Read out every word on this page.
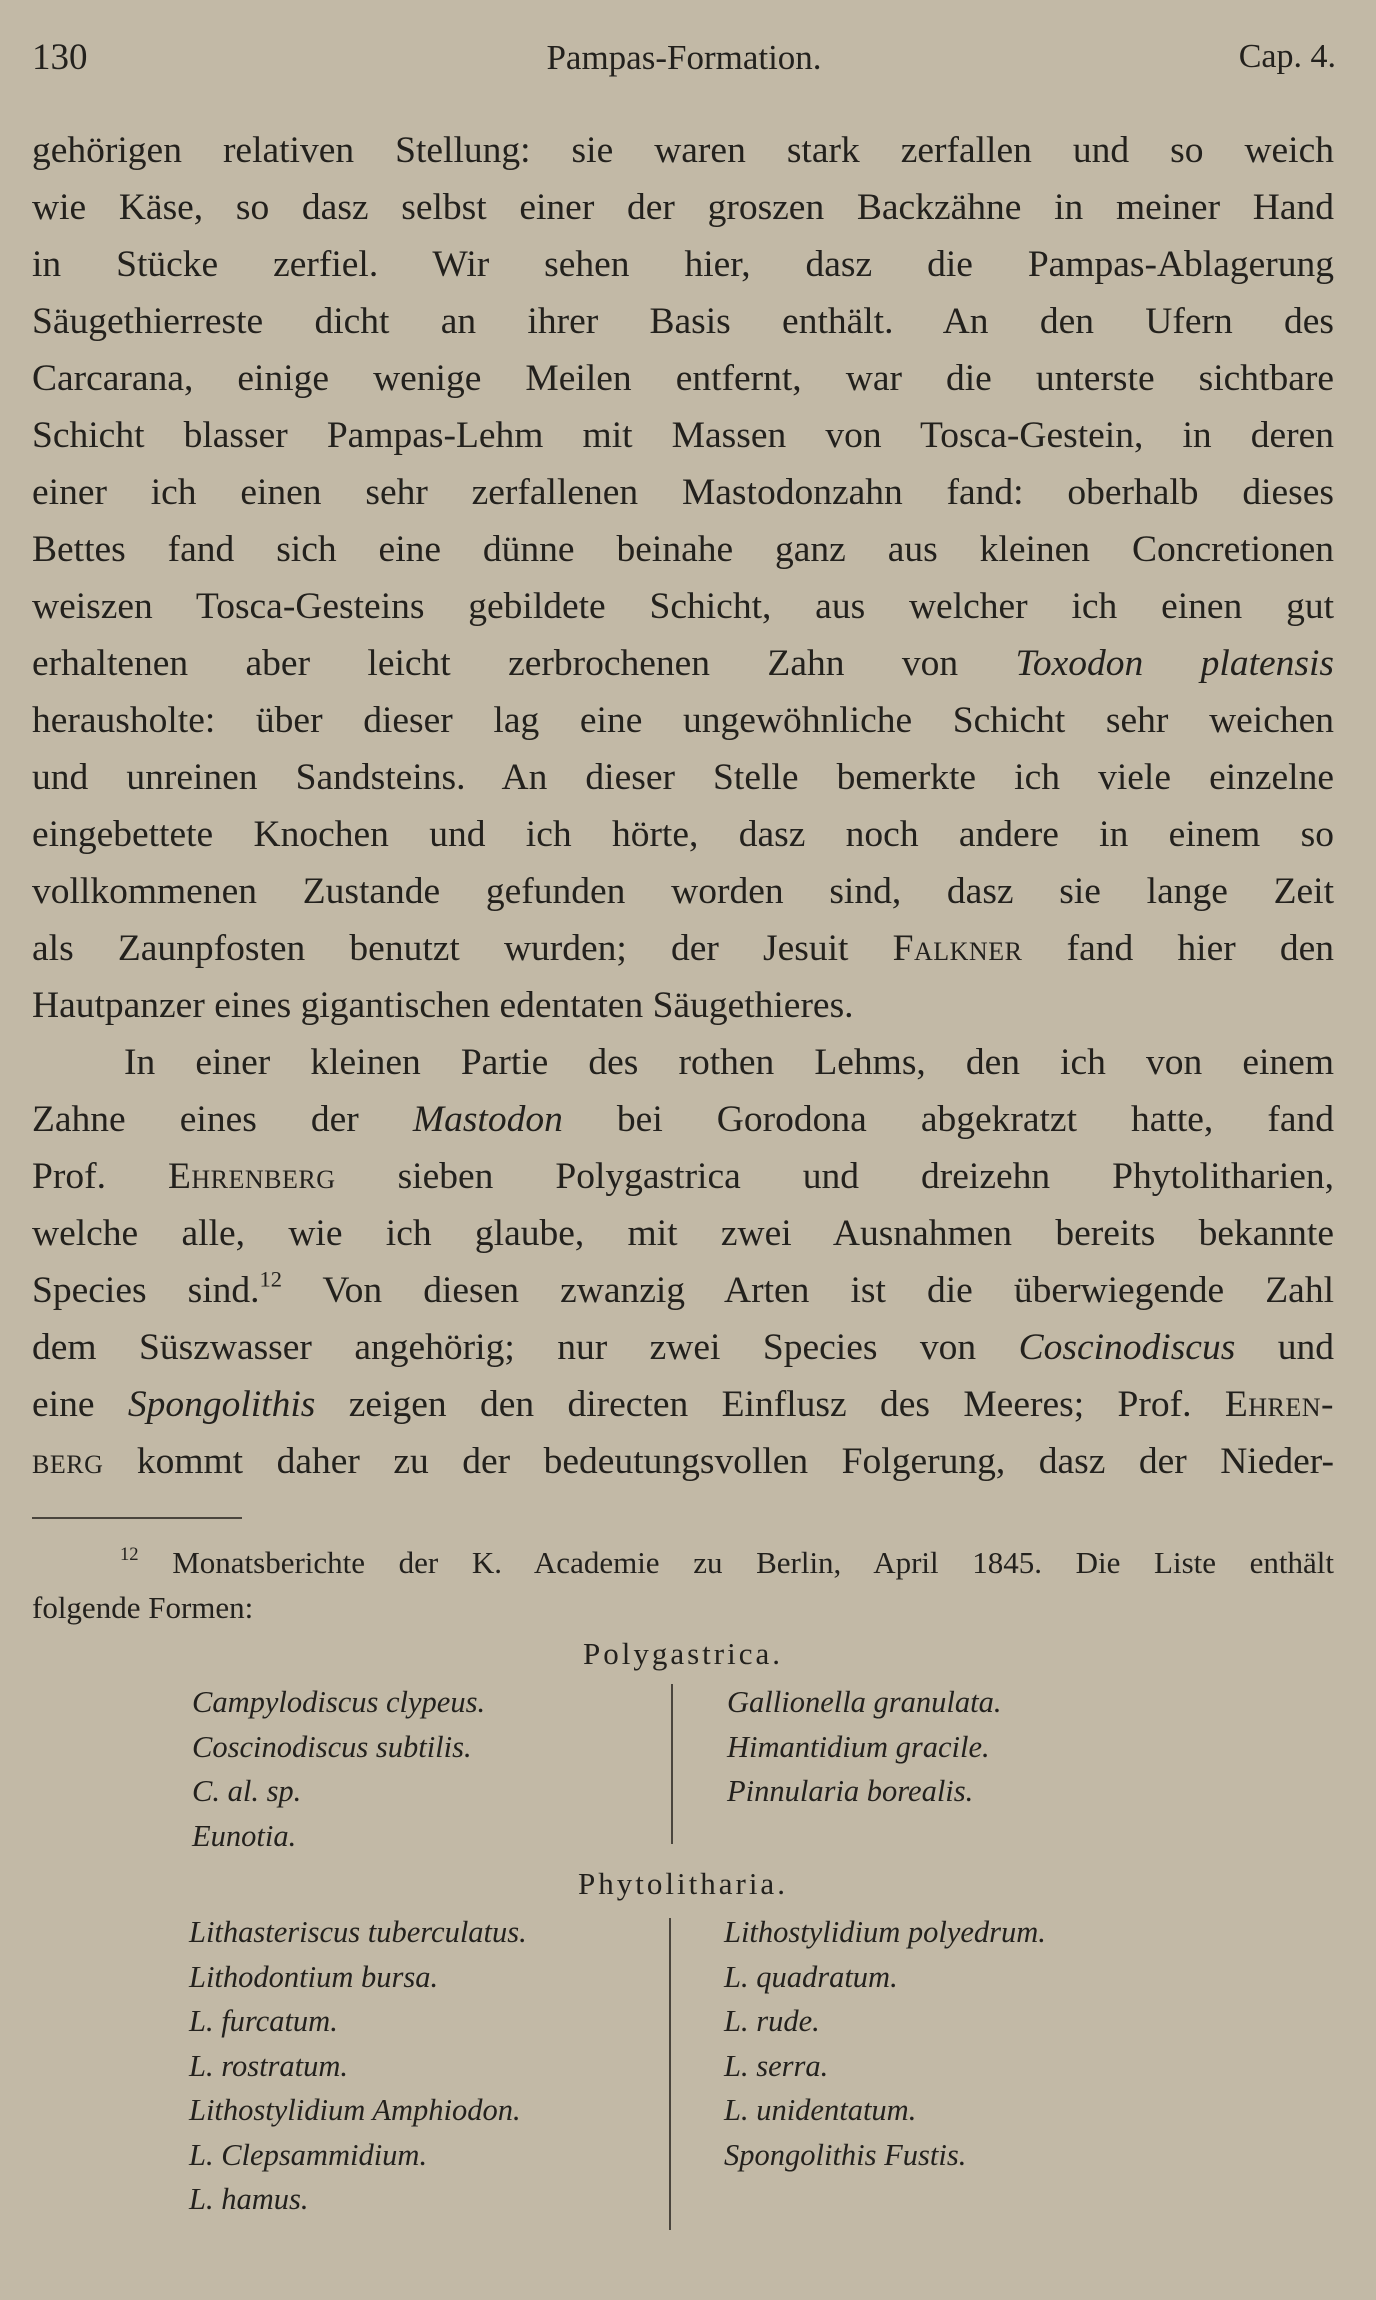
130	Pampas-Formation.	Cap. 4.
gehörigen relativen Stellung: sie waren stark zerfallen und so weich
wie Käse, so dasz selbst einer der groszen Backzähne in meiner Hand
in Stücke zerfiel. Wir sehen hier, dasz die Pampas-Ablagerung
Säugethierreste dicht an ihrer Basis enthält. An den Ufern des
Carcarana, einige wenige Meilen entfernt, war die unterste sichtbare
Schicht blasser Pampas-Lehm mit Massen von Tosca-Gestein, in deren
einer ich einen sehr zerfallenen Mastodonzahn fand: oberhalb dieses
Bettes fand sich eine dünne beinahe ganz aus kleinen Concretionen
weiszen Tosca-Gesteins gebildete Schicht, aus welcher ich einen gut
erhaltenen aber leicht zerbrochenen Zahn von Toxodon platensis
herausholte: über dieser lag eine ungewöhnliche Schicht sehr weichen
und unreinen Sandsteins. An dieser Stelle bemerkte ich viele einzelne
eingebettete Knochen und ich hörte, dasz noch andere in einem so
vollkommenen Zustande gefunden worden sind, dasz sie lange Zeit
als Zaunpfosten benutzt wurden; der Jesuit Falkner fand hier den
Hautpanzer eines gigantischen edentaten Säugethieres.
In einer kleinen Partie des rothen Lehms, den ich von einem
Zahne eines der Mastodon bei Gorodona abgekratzt hatte, fand
Prof. Ehrenberg sieben Polygastrica und dreizehn Phytolitharien,
welche alle, wie ich glaube, mit zwei Ausnahmen bereits bekannte
Species sind.$^{12}$ Von diesen zwanzig Arten ist die überwiegende Zahl
dem Süszwasser angehörig; nur zwei Species von Coscinodiscus und
eine Spongolithis zeigen den directen Einflusz des Meeres; Prof. Ehren-
berg kommt daher zu der bedeutungsvollen Folgerung, dasz der Nieder-
$^{12}$ Monatsberichte der K. Academie zu Berlin, April 1845. Die Liste enthält
folgende Formen:
Polygastrica.
Campylodiscus clypeus.
Coscinodiscus subtilis.
C. al. sp.
Eunotia.
Gallionella granulata.
Himantidium gracile.
Pinnularia borealis.
Phytolitharia.
Lithasteriscus tuberculatus.
Lithodontium bursa.
L. furcatum.
L. rostratum.
Lithostylidium Amphiodon.
L. Clepsammidium.
L. hamus.
Lithostylidium polyedrum.
L. quadratum.
L. rude.
L. serra.
L. unidentatum.
Spongolithis Fustis.
